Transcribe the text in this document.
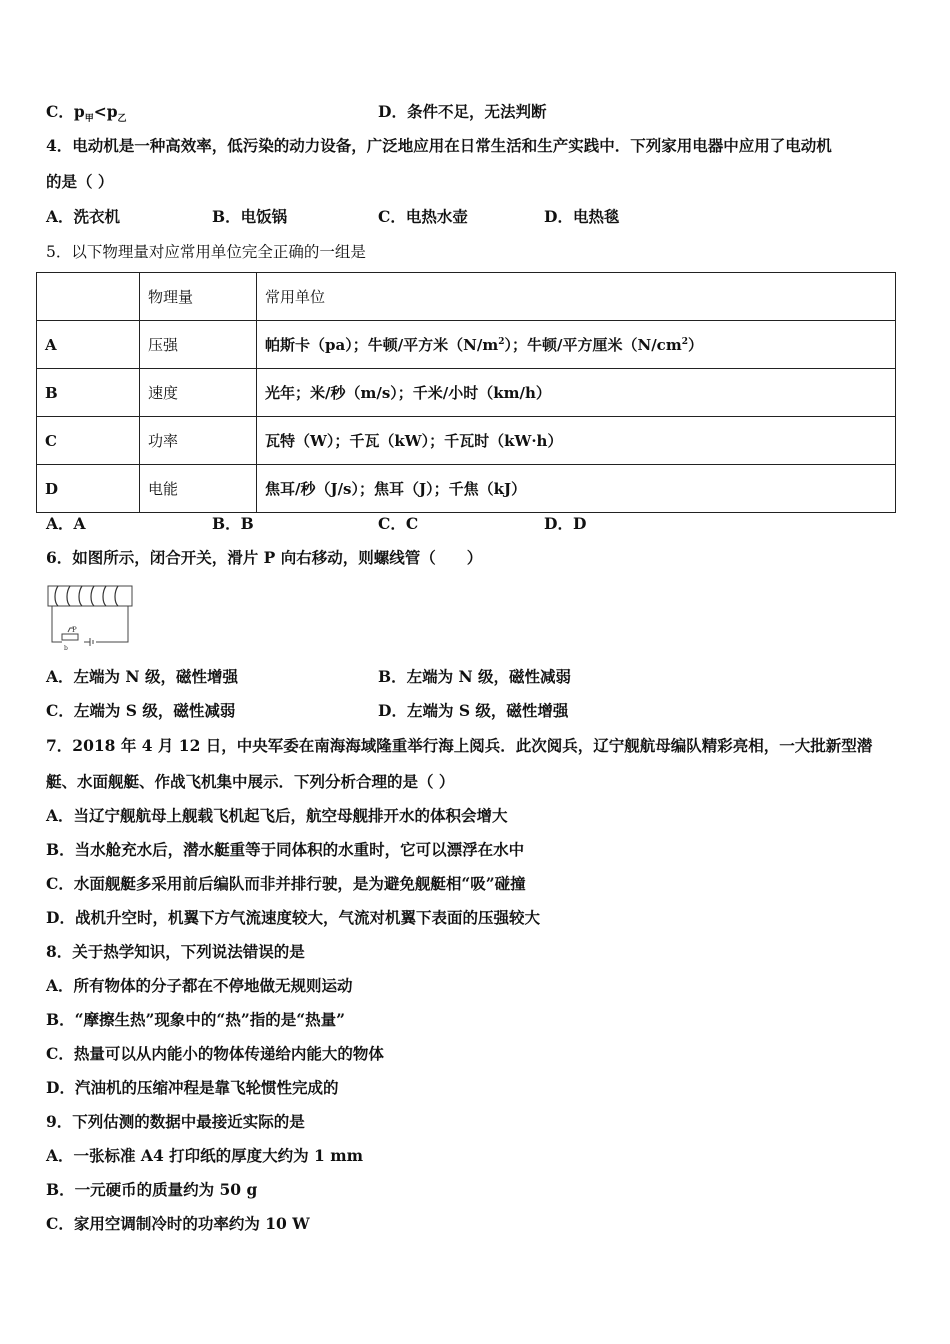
C．$p_甲<p_乙$	D．条件不足，无法判断
4．电动机是一种高效率，低污染的动力设备，广泛地应用在日常生活和生产实践中．下列家用电器中应用了电动机
的是（ ）
A．洗衣机	B．电饭锅	C．电热水壶	D．电热毯
5．以下物理量对应常用单位完全正确的一组是
	物理量	常用单位
A	压强	帕斯卡（pa）；牛顿/平方米$(N/m^2)$；牛顿/平方厘米$(N/cm^2)$
B	速度	光年；米/秒（m/s）；千米/小时（km/h）
C	功率	瓦特（W）；千瓦（kW）；千瓦时（kW·h）
D	电能	焦耳/秒（J/s）；焦耳（J）；千焦（kJ）
A．A	B．B	C．C	D．D
6．如图所示，闭合开关，滑片 P 向右移动，则螺线管（　　）
P
b
A．左端为 N 级，磁性增强	B．左端为 N 级，磁性减弱
C．左端为 S 级，磁性减弱	D．左端为 S 级，磁性增强
7．2018 年 4 月 12 日，中央军委在南海海域隆重举行海上阅兵．此次阅兵，辽宁舰航母编队精彩亮相，一大批新型潜
艇、水面舰艇、作战飞机集中展示．下列分析合理的是（ ）
A．当辽宁舰航母上舰载飞机起飞后，航空母舰排开水的体积会增大
B．当水舱充水后，潜水艇重等于同体积的水重时，它可以漂浮在水中
C．水面舰艇多采用前后编队而非并排行驶，是为避免舰艇相“吸”碰撞
D．战机升空时，机翼下方气流速度较大，气流对机翼下表面的压强较大
8．关于热学知识，下列说法错误的是
A．所有物体的分子都在不停地做无规则运动
B．“摩擦生热”现象中的“热”指的是“热量”
C．热量可以从内能小的物体传递给内能大的物体
D．汽油机的压缩冲程是靠飞轮惯性完成的
9．下列估测的数据中最接近实际的是
A．一张标准 A4 打印纸的厚度大约为 1 mm
B．一元硬币的质量约为 50 g
C．家用空调制冷时的功率约为 10 W
